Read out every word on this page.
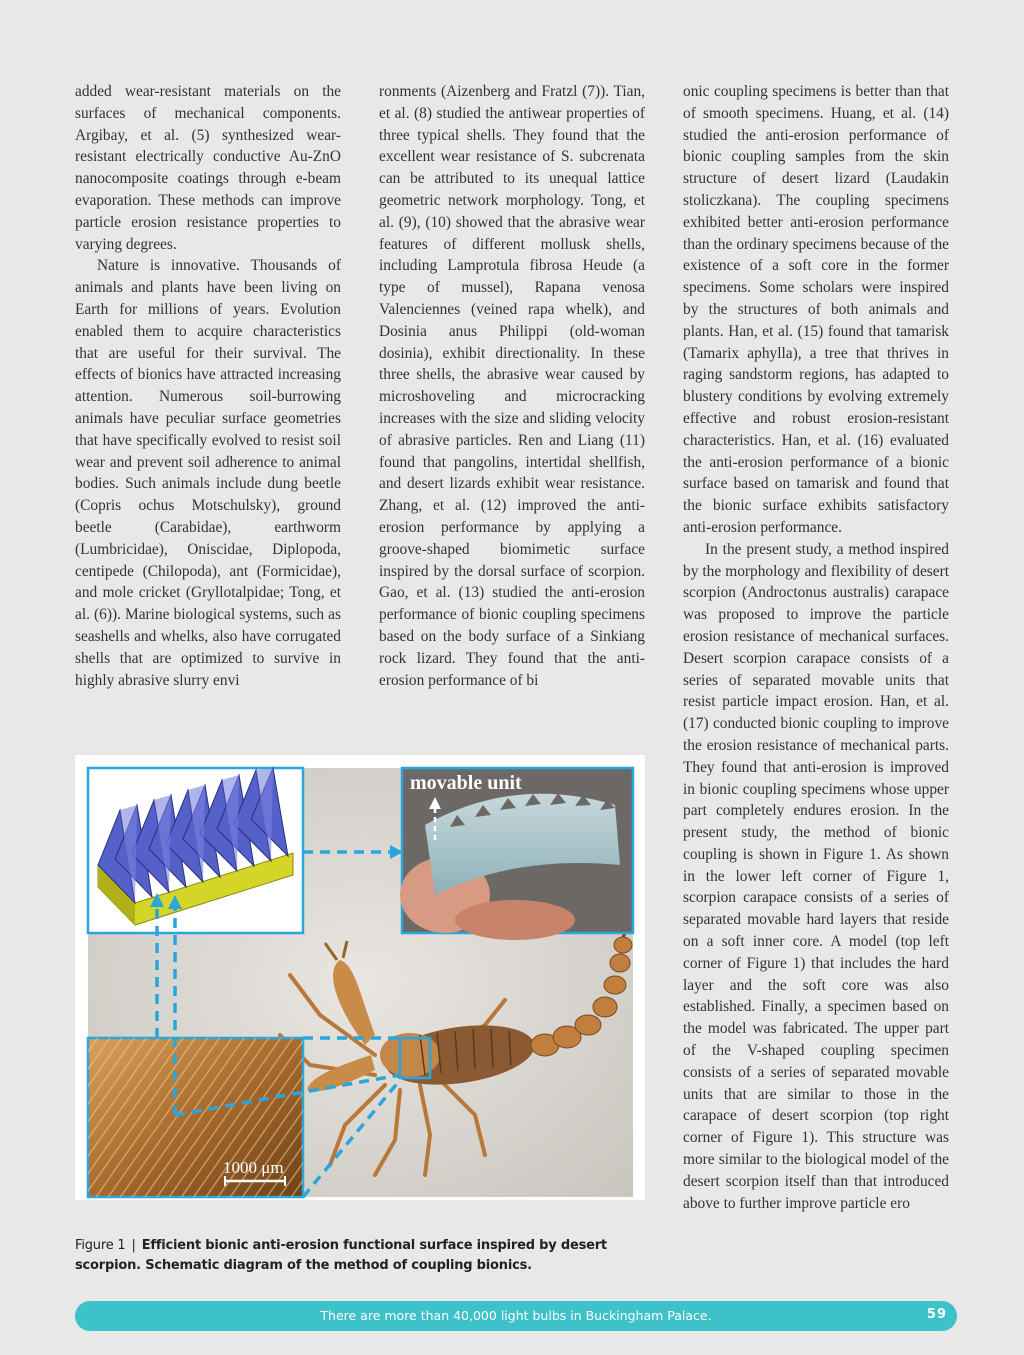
added wear-resistant materials on the surfaces of mechanical components. Argibay, et al. (5) synthesized wear-resistant electrically conductive Au-ZnO nanocomposite coatings through e-beam evaporation. These methods can improve particle erosion resistance properties to varying degrees.

Nature is innovative. Thousands of animals and plants have been living on Earth for millions of years. Evolution enabled them to acquire characteristics that are useful for their survival. The effects of bionics have attracted increasing attention. Numerous soil-burrowing animals have peculiar surface geometries that have specifically evolved to resist soil wear and prevent soil adherence to animal bodies. Such animals include dung beetle (Copris ochus Motschulsky), ground beetle (Carabidae), earthworm (Lumbricidae), Oniscidae, Diplopoda, centipede (Chilopoda), ant (Formicidae), and mole cricket (Gryllotalpidae; Tong, et al. (6)). Marine biological systems, such as seashells and whelks, also have corrugated shells that are optimized to survive in highly abrasive slurry envi

ronments (Aizenberg and Fratzl (7)). Tian, et al. (8) studied the antiwear properties of three typical shells. They found that the excellent wear resistance of S. subcrenata can be attributed to its unequal lattice geometric network morphology. Tong, et al. (9), (10) showed that the abrasive wear features of different mollusk shells, including Lamprotula fibrosa Heude (a type of mussel), Rapana venosa Valenciennes (veined rapa whelk), and Dosinia anus Philippi (old-woman dosinia), exhibit directionality. In these three shells, the abrasive wear caused by microshoveling and microcracking increases with the size and sliding velocity of abrasive particles. Ren and Liang (11) found that pangolins, intertidal shellfish, and desert lizards exhibit wear resistance. Zhang, et al. (12) improved the anti-erosion performance by applying a groove-shaped biomimetic surface inspired by the dorsal surface of scorpion. Gao, et al. (13) studied the anti-erosion performance of bionic coupling specimens based on the body surface of a Sinkiang rock lizard. They found that the anti-erosion performance of bi

onic coupling specimens is better than that of smooth specimens. Huang, et al. (14) studied the anti-erosion performance of bionic coupling samples from the skin structure of desert lizard (Laudakin stoliczkana). The coupling specimens exhibited better anti-erosion performance than the ordinary specimens because of the existence of a soft core in the former specimens. Some scholars were inspired by the structures of both animals and plants. Han, et al. (15) found that tamarisk (Tamarix aphylla), a tree that thrives in raging sandstorm regions, has adapted to blustery conditions by evolving extremely effective and robust erosion-resistant characteristics. Han, et al. (16) evaluated the anti-erosion performance of a bionic surface based on tamarisk and found that the bionic surface exhibits satisfactory anti-erosion performance.

In the present study, a method inspired by the morphology and flexibility of desert scorpion (Androctonus australis) carapace was proposed to improve the particle erosion resistance of mechanical surfaces. Desert scorpion carapace consists of a series of separated movable units that resist particle impact erosion. Han, et al. (17) conducted bionic coupling to improve the erosion resistance of mechanical parts. They found that anti-erosion is improved in bionic coupling specimens whose upper part completely endures erosion. In the present study, the method of bionic coupling is shown in Figure 1. As shown in the lower left corner of Figure 1, scorpion carapace consists of a series of separated movable hard layers that reside on a soft inner core. A model (top left corner of Figure 1) that includes the hard layer and the soft core was also established. Finally, a specimen based on the model was fabricated. The upper part of the V-shaped coupling specimen consists of a series of separated movable units that are similar to those in the carapace of desert scorpion (top right corner of Figure 1). This structure was more similar to the biological model of the desert scorpion itself than that introduced above to further improve particle ero

movable unit
1000 μm
Figure 1 | Efficient bionic anti-erosion functional surface inspired by desert scorpion. Schematic diagram of the method of coupling bionics.
There are more than 40,000 light bulbs in Buckingham Palace.	59
